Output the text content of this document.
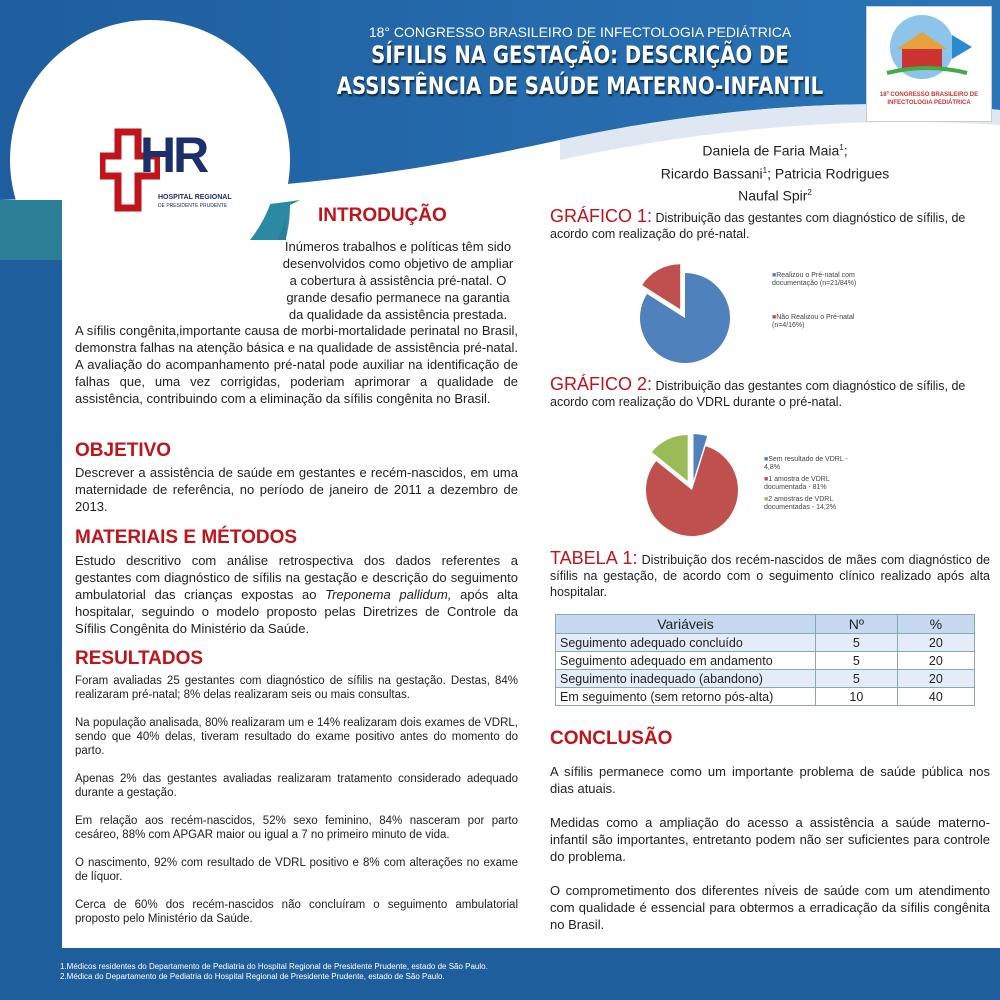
18° CONGRESSO BRASILEIRO DE INFECTOLOGIA PEDIÁTRICA
SÍFILIS NA GESTAÇÃO: DESCRIÇÃO DE ASSISTÊNCIA DE SAÚDE MATERNO-INFANTIL	18º CONGRESSO BRASILEIRO DE INFECTOLOGIA PEDIÁTRICA
HR
HOSPITAL REGIONAL
DE PRESIDENTE PRUDENTE
Daniela de Faria Maia$^1$;
Ricardo Bassani$^1$; Patricia Rodrigues
Naufal Spir$^2$
INTRODUÇÃO
Inúmeros trabalhos e políticas têm sido desenvolvidos como objetivo de ampliar a cobertura à assistência pré-natal. O grande desafio permanece na garantia da qualidade da assistência prestada.
A sífilis congênita,importante causa de morbi-mortalidade perinatal no Brasil, demonstra falhas na atenção básica e na qualidade de assistência pré-natal. A avaliação do acompanhamento pré-natal pode auxiliar na identificação de falhas que, uma vez corrigidas, poderiam aprimorar a qualidade de assistência, contribuindo com a eliminação da sífilis congênita no Brasil.
OBJETIVO
Descrever a assistência de saúde em gestantes e recém-nascidos, em uma maternidade de referência, no período de janeiro de 2011 a dezembro de 2013.
MATERIAIS E MÉTODOS
Estudo descritivo com análise retrospectiva dos dados referentes a gestantes com diagnóstico de sífilis na gestação e descrição do seguimento ambulatorial das crianças expostas ao Treponema pallidum, após alta hospitalar, seguindo o modelo proposto pelas Diretrizes de Controle da Sífilis Congênita do Ministério da Saúde.
RESULTADOS

Foram avaliadas 25 gestantes com diagnóstico de sífilis na gestação. Destas, 84% realizaram pré-natal; 8% delas realizaram seis ou mais consultas.

Na população analisada, 80% realizaram um e 14% realizaram dois exames de VDRL, sendo que 40% delas, tiveram resultado do exame positivo antes do momento do parto.

Apenas 2% das gestantes avaliadas realizaram tratamento considerado adequado durante a gestação.

Em relação aos recém-nascidos, 52% sexo feminino, 84% nasceram por parto cesáreo, 88% com APGAR maior ou igual a 7 no primeiro minuto de vida.

O nascimento, 92% com resultado de VDRL positivo e 8% com alterações no exame de líquor.

Cerca de 60% dos recém-nascidos não concluíram o seguimento ambulatorial proposto pelo Ministério da Saúde.

GRÁFICO 1: Distribuição das gestantes com diagnóstico de sífilis, de acordo com realização do pré-natal.
■Realizou o Pré-natal com documentação (n=21/84%)
■Não Realizou o Pré-natal (n=4/16%)
GRÁFICO 2: Distribuição das gestantes com diagnóstico de sífilis, de acordo com realização do VDRL durante o pré-natal.
■Sem resultado de VDRL - 4,8%
■1 amostra de VDRL documentada - 81%
■2 amostras de VDRL documentadas - 14,2%
TABELA 1: Distribuição dos recém-nascidos de mães com diagnóstico de sífilis na gestação, de acordo com o seguimento clínico realizado após alta hospitalar.
Variáveis	Nº	%
Seguimento adequado concluído	5	20
Seguimento adequado em andamento	5	20
Seguimento inadequado (abandono)	5	20
Em seguimento (sem retorno pós-alta)	10	40
CONCLUSÃO

A sífilis permanece como um importante problema de saúde pública nos dias atuais.

Medidas como a ampliação do acesso a assistência a saúde materno-infantil são importantes, entretanto podem não ser suficientes para controle do problema.

O comprometimento dos diferentes níveis de saúde com um atendimento com qualidade é essencial para obtermos a erradicação da sífilis congênita no Brasil.

1.Médicos residentes do Departamento de Pediatria do Hospital Regional de Presidente Prudente, estado de São Paulo.
2.Médica do Departamento de Pediatria do Hospital Regional de Presidente Prudente, estado de São Paulo.
